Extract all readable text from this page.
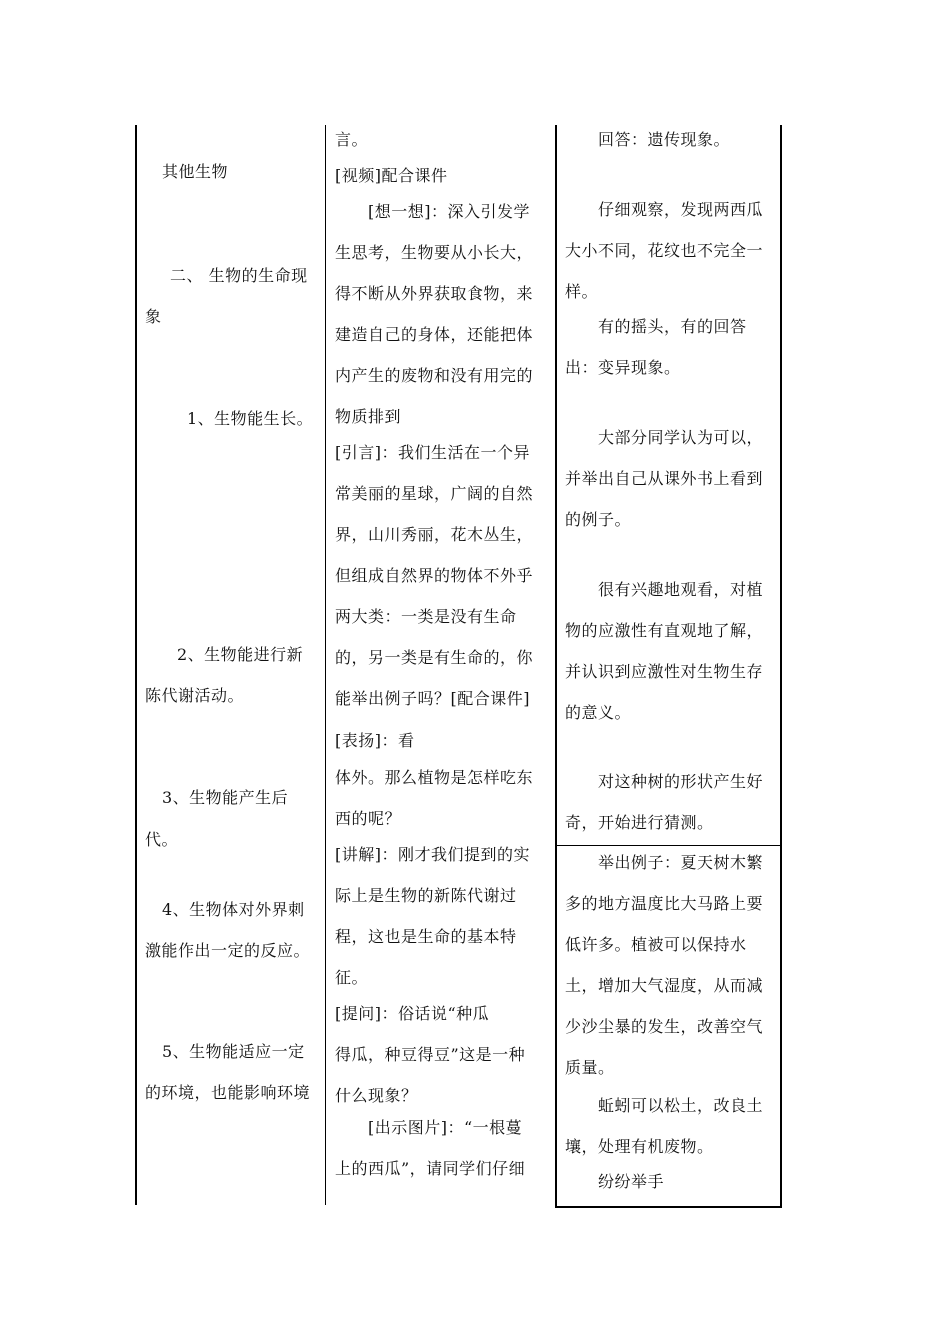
其他生物
二、 生物的生命现
象
1、生物能生长。
2、生物能进行新
陈代谢活动。
3、生物能产生后
代。
4、生物体对外界刺
激能作出一定的反应。
5、生物能适应一定
的环境，也能影响环境
言。
[视频]配合课件
[想一想]：深入引发学
生思考，生物要从小长大，
得不断从外界获取食物，来
建造自己的身体，还能把体
内产生的废物和没有用完的
物质排到
[引言]：我们生活在一个异
常美丽的星球，广阔的自然
界，山川秀丽，花木丛生，
但组成自然界的物体不外乎
两大类：一类是没有生命
的，另一类是有生命的，你
能举出例子吗？[配合课件]
[表扬]：看
体外。那么植物是怎样吃东
西的呢？
[讲解]：刚才我们提到的实
际上是生物的新陈代谢过
程，这也是生命的基本特
征。
[提问]：俗话说“种瓜
得瓜，种豆得豆”这是一种
什么现象？
[出示图片]：“一根蔓
上的西瓜”，请同学们仔细
回答：遗传现象。
仔细观察，发现两西瓜
大小不同，花纹也不完全一
样。
有的摇头，有的回答
出：变异现象。
大部分同学认为可以，
并举出自己从课外书上看到
的例子。
很有兴趣地观看，对植
物的应激性有直观地了解，
并认识到应激性对生物生存
的意义。
对这种树的形状产生好
奇，开始进行猜测。
举出例子：夏天树木繁
多的地方温度比大马路上要
低许多。植被可以保持水
土，增加大气湿度，从而减
少沙尘暴的发生，改善空气
质量。
蚯蚓可以松土，改良土
壤，处理有机废物。
纷纷举手
